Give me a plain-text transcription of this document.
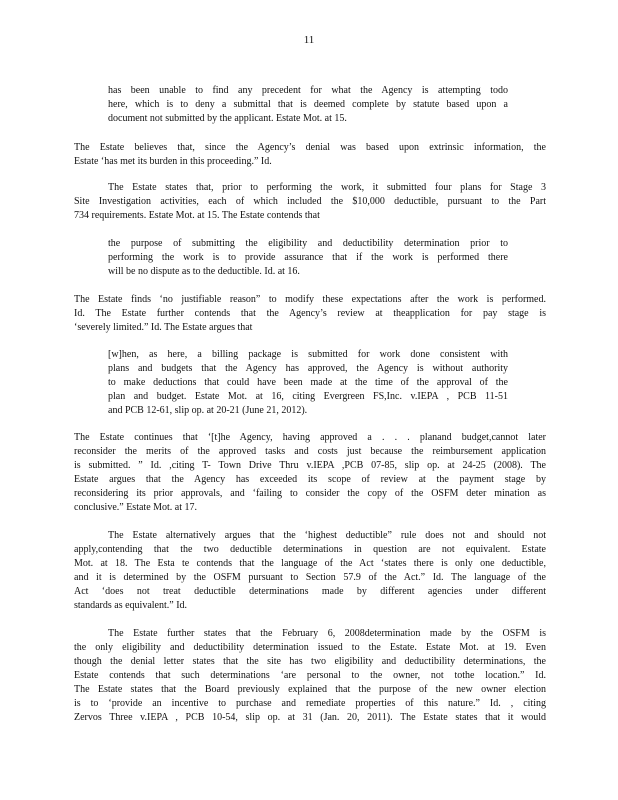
11
has been unable to find any precedent for what the Agency is attempting todo
here, which is to deny a submittal that is deemed complete by statute based upon a
document not submitted by the applicant. Estate Mot. at 15.
The Estate believes that, since the Agency’s denial was based upon extrinsic information, the
Estate ‘has met its burden in this proceeding.” Id.
The Estate states that, prior to performing the work, it submitted four plans for Stage 3
Site Investigation activities, each of which included the $10,000 deductible, pursuant to the Part
734 requirements. Estate Mot. at 15. The Estate contends that
the purpose of submitting the eligibility and deductibility determination prior to
performing the work is to provide assurance that if the work is performed there
will be no dispute as to the deductible. Id. at 16.
The Estate finds ‘no justifiable reason” to modify these expectations after the work is performed.
Id. The Estate further contends that the Agency’s review at theapplication for pay stage is
‘severely limited.” Id. The Estate argues that
[w]hen, as here, a billing package is submitted for work done consistent with
plans and budgets that the Agency has approved, the Agency is without authority
to make deductions that could have been made at the time of the approval of the
plan and budget. Estate Mot. at 16, citing Evergreen FS,Inc. v.IEPA , PCB 11-51
and PCB 12-61, slip op. at 20-21 (June 21, 2012).
The Estate continues that ‘[t]he Agency, having approved a . . . planand budget,cannot later
reconsider the merits of the approved tasks and costs just because the reimbursement application
is submitted. ” Id. ,citing T- Town Drive Thru v.IEPA ,PCB 07-85, slip op. at 24-25 (2008). The
Estate argues that the Agency has exceeded its scope of review at the payment stage by
reconsidering its prior approvals, and ‘failing to consider the copy of the OSFM deter mination as
conclusive.” Estate Mot. at 17.
The Estate alternatively argues that the ‘highest deductible” rule does not and should not
apply,contending that the two deductible determinations in question are not equivalent. Estate
Mot. at 18. The Esta te contends that the language of the Act ‘states there is only one deductible,
and it is determined by the OSFM pursuant to Section 57.9 of the Act.” Id. The language of the
Act ‘does not treat deductible determinations made by different agencies under different
standards as equivalent.” Id.
The Estate further states that the February 6, 2008determination made by the OSFM is
the only eligibility and deductibility determination issued to the Estate. Estate Mot. at 19. Even
though the denial letter states that the site has two eligibility and deductibility determinations, the
Estate contends that such determinations ‘are personal to the owner, not tothe location.” Id.
The Estate states that the Board previously explained that the purpose of the new owner election
is to ‘provide an incentive to purchase and remediate properties of this nature.” Id. , citing
Zervos Three v.IEPA , PCB 10-54, slip op. at 31 (Jan. 20, 2011). The Estate states that it would
